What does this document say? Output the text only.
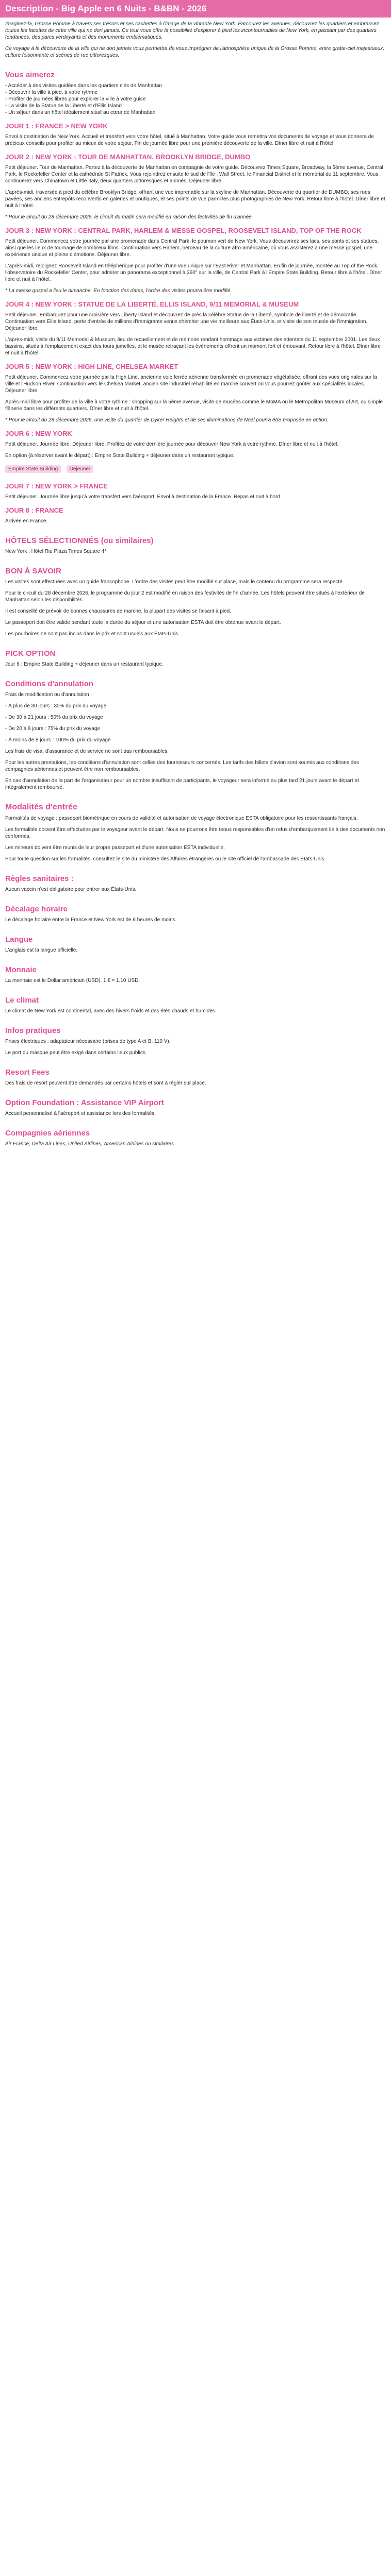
Description - Big Apple en 6 Nuits - B&BN - 2026

Imaginez-la, Grosse Pomme à travers ses trésors et ses cachettes à l'image de la vibrante New York. Parcourez les avenues, découvrez les quartiers et embrassez toutes les facettes de cette ville qui ne dort jamais. Ce tour vous offre la possibilité d'explorer à pied les incontournables de New York, en passant par des quartiers tendances, des parcs verdoyants et des monuments emblématiques.

Ce voyage à la découverte de la ville qui ne dort jamais vous permettra de vous imprégner de l'atmosphère unique de la Grosse Pomme, entre gratte-ciel majestueux, culture foisonnante et scènes de rue pittoresques.

Vous aimerez
- Accéder à des visites guidées dans les quartiers clés de Manhattan
- Découvrir la ville à pied, à votre rythme
- Profiter de journées libres pour explorer la ville à votre guise
- La visite de la Statue de la Liberté et d'Ellis Island
- Un séjour dans un hôtel idéalement situé au cœur de Manhattan
JOUR 1 : FRANCE > NEW YORK

Envol à destination de New York. Accueil et transfert vers votre hôtel, situé à Manhattan. Votre guide vous remettra vos documents de voyage et vous donnera de précieux conseils pour profiter au mieux de votre séjour. Fin de journée libre pour une première découverte de la ville. Dîner libre et nuit à l'hôtel.

JOUR 2 : NEW YORK : TOUR DE MANHATTAN, BROOKLYN BRIDGE, DUMBO

Petit déjeuner. Tour de Manhattan. Partez à la découverte de Manhattan en compagnie de votre guide. Découvrez Times Square, Broadway, la 5ème avenue, Central Park, le Rockefeller Center et la cathédrale St Patrick. Vous rejoindrez ensuite le sud de l'île : Wall Street, le Financial District et le mémorial du 11 septembre. Vous continuerez vers Chinatown et Little Italy, deux quartiers pittoresques et animés. Déjeuner libre.

L'après-midi, traversée à pied du célèbre Brooklyn Bridge, offrant une vue imprenable sur la skyline de Manhattan. Découverte du quartier de DUMBO, ses rues pavées, ses anciens entrepôts reconvertis en galeries et boutiques, et ses points de vue parmi les plus photographiés de New York. Retour libre à l'hôtel. Dîner libre et nuit à l'hôtel.

* Pour le circuit du 28 décembre 2026, le circuit du matin sera modifié en raison des festivités de fin d'année.

JOUR 3 : NEW YORK : CENTRAL PARK, HARLEM & MESSE GOSPEL, ROOSEVELT ISLAND, TOP OF THE ROCK

Petit déjeuner. Commencez votre journée par une promenade dans Central Park, le poumon vert de New York. Vous découvrirez ses lacs, ses ponts et ses statues, ainsi que les lieux de tournage de nombreux films. Continuation vers Harlem, berceau de la culture afro-américaine, où vous assisterez à une messe gospel, une expérience unique et pleine d'émotions. Déjeuner libre.

L'après-midi, rejoignez Roosevelt Island en téléphérique pour profiter d'une vue unique sur l'East River et Manhattan. En fin de journée, montée au Top of the Rock, l'observatoire du Rockefeller Center, pour admirer un panorama exceptionnel à 360° sur la ville, de Central Park à l'Empire State Building. Retour libre à l'hôtel. Dîner libre et nuit à l'hôtel.

* La messe gospel a lieu le dimanche. En fonction des dates, l'ordre des visites pourra être modifié.

JOUR 4 : NEW YORK : STATUE DE LA LIBERTÉ, ELLIS ISLAND, 9/11 MEMORIAL & MUSEUM

Petit déjeuner. Embarquez pour une croisière vers Liberty Island et découvrez de près la célèbre Statue de la Liberté, symbole de liberté et de démocratie. Continuation vers Ellis Island, porte d'entrée de millions d'immigrants venus chercher une vie meilleure aux États-Unis, et visite de son musée de l'immigration. Déjeuner libre.

L'après-midi, visite du 9/11 Memorial & Museum, lieu de recueillement et de mémoire rendant hommage aux victimes des attentats du 11 septembre 2001. Les deux bassins, situés à l'emplacement exact des tours jumelles, et le musée retraçant les événements offrent un moment fort et émouvant. Retour libre à l'hôtel. Dîner libre et nuit à l'hôtel.

JOUR 5 : NEW YORK : HIGH LINE, CHELSEA MARKET

Petit déjeuner. Commencez votre journée par la High Line, ancienne voie ferrée aérienne transformée en promenade végétalisée, offrant des vues originales sur la ville et l'Hudson River. Continuation vers le Chelsea Market, ancien site industriel réhabilité en marché couvert où vous pourrez goûter aux spécialités locales. Déjeuner libre.

Après-midi libre pour profiter de la ville à votre rythme : shopping sur la 5ème avenue, visite de musées comme le MoMA ou le Metropolitan Museum of Art, ou simple flânerie dans les différents quartiers. Dîner libre et nuit à l'hôtel.

* Pour le circuit du 28 décembre 2026, une visite du quartier de Dyker Heights et de ses illuminations de Noël pourra être proposée en option.

JOUR 6 : NEW YORK

Petit déjeuner. Journée libre. Déjeuner libre. Profitez de votre dernière journée pour découvrir New York à votre rythme. Dîner libre et nuit à l'hôtel.

En option (à réserver avant le départ) : Empire State Building + déjeuner dans un restaurant typique.

Empire State Building Déjeuner
JOUR 7 : NEW YORK > FRANCE

Petit déjeuner. Journée libre jusqu'à votre transfert vers l'aéroport. Envol à destination de la France. Repas et nuit à bord.

JOUR 8 : FRANCE

Arrivée en France.

HÔTELS SÉLECTIONNÉS (ou similaires)

New York : Hôtel Riu Plaza Times Square 4*

BON À SAVOIR

Les visites sont effectuées avec un guide francophone. L'ordre des visites peut être modifié sur place, mais le contenu du programme sera respecté.

Pour le circuit du 28 décembre 2026, le programme du jour 2 est modifié en raison des festivités de fin d'année. Les hôtels peuvent être situés à l'extérieur de Manhattan selon les disponibilités.

Il est conseillé de prévoir de bonnes chaussures de marche, la plupart des visites se faisant à pied.

Le passeport doit être valide pendant toute la durée du séjour et une autorisation ESTA doit être obtenue avant le départ.

Les pourboires ne sont pas inclus dans le prix et sont usuels aux États-Unis.

PICK OPTION

Jour 6 : Empire State Building + déjeuner dans un restaurant typique.

Conditions d'annulation

Frais de modification ou d'annulation :

- À plus de 30 jours : 30% du prix du voyage

- De 30 à 21 jours : 50% du prix du voyage

- De 20 à 8 jours : 75% du prix du voyage

- À moins de 8 jours : 100% du prix du voyage

Les frais de visa, d'assurance et de service ne sont pas remboursables.

Pour les autres prestations, les conditions d'annulation sont celles des fournisseurs concernés. Les tarifs des billets d'avion sont soumis aux conditions des compagnies aériennes et peuvent être non remboursables.

En cas d'annulation de la part de l'organisateur pour un nombre insuffisant de participants, le voyageur sera informé au plus tard 21 jours avant le départ et intégralement remboursé.

Modalités d'entrée

Formalités de voyage : passeport biométrique en cours de validité et autorisation de voyage électronique ESTA obligatoire pour les ressortissants français.

Les formalités doivent être effectuées par le voyageur avant le départ. Nous ne pourrons être tenus responsables d'un refus d'embarquement lié à des documents non conformes.

Les mineurs doivent être munis de leur propre passeport et d'une autorisation ESTA individuelle.

Pour toute question sur les formalités, consultez le site du ministère des Affaires étrangères ou le site officiel de l'ambassade des États-Unis.

Règles sanitaires :

Aucun vaccin n'est obligatoire pour entrer aux États-Unis.

Décalage horaire

Le décalage horaire entre la France et New York est de 6 heures de moins.

Langue

L'anglais est la langue officielle.

Monnaie

La monnaie est le Dollar américain (USD). 1 € ≈ 1,10 USD.

Le climat

Le climat de New York est continental, avec des hivers froids et des étés chauds et humides.

Infos pratiques

Prises électriques : adaptateur nécessaire (prises de type A et B, 110 V).

Le port du masque peut être exigé dans certains lieux publics.

Resort Fees

Des frais de resort peuvent être demandés par certains hôtels et sont à régler sur place.

Option Foundation : Assistance VIP Airport

Accueil personnalisé à l'aéroport et assistance lors des formalités.

Compagnies aériennes

Air France, Delta Air Lines, United Airlines, American Airlines ou similaires.
